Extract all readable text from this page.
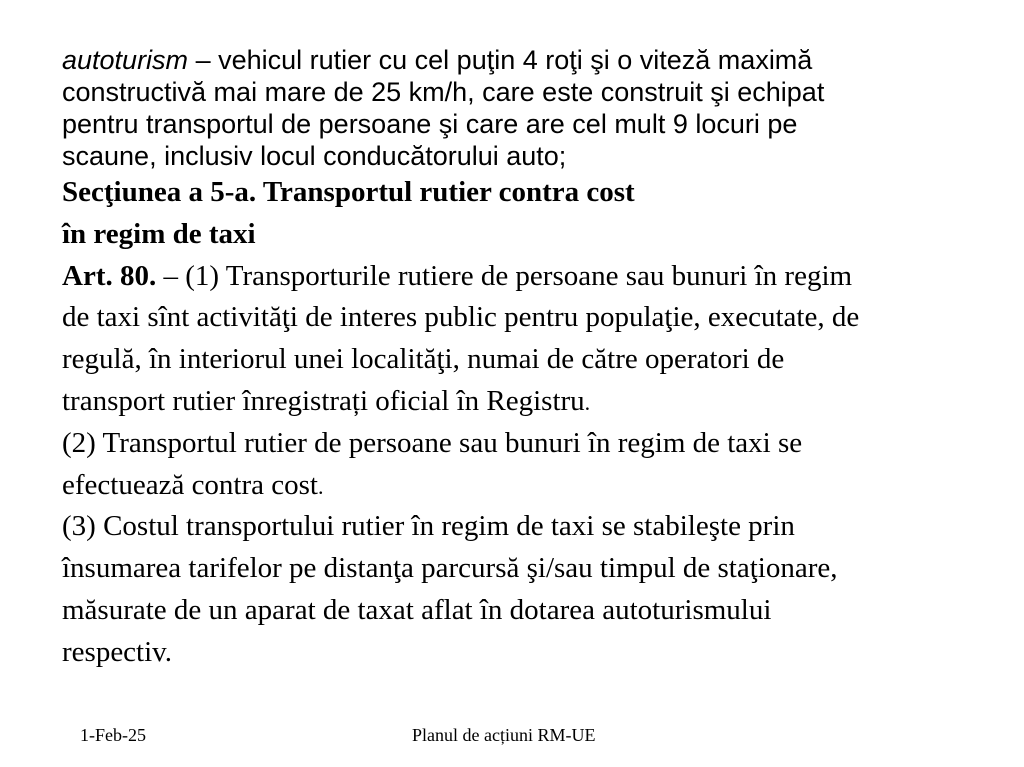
autoturism – vehicul rutier cu cel puţin 4 roţi şi o viteză maximă
constructivă mai mare de 25 km/h, care este construit şi echipat
pentru transportul de persoane şi care are cel mult 9 locuri pe
scaune, inclusiv locul conducătorului auto;
Secţiunea a 5-a. Transportul rutier contra cost
în regim de taxi
Art. 80. – (1) Transporturile rutiere de persoane sau bunuri în regim
de taxi sînt activităţi de interes public pentru populaţie, executate, de
regulă, în interiorul unei localităţi, numai de către operatori de
transport rutier înregistrați oficial în Registru.
(2) Transportul rutier de persoane sau bunuri în regim de taxi se
efectuează contra cost.
(3) Costul transportului rutier în regim de taxi se stabileşte prin
însumarea tarifelor pe distanţa parcursă şi/sau timpul de staţionare,
măsurate de un aparat de taxat aflat în dotarea autoturismului
respectiv.
1-Feb-25	Planul de acțiuni RM-UE
